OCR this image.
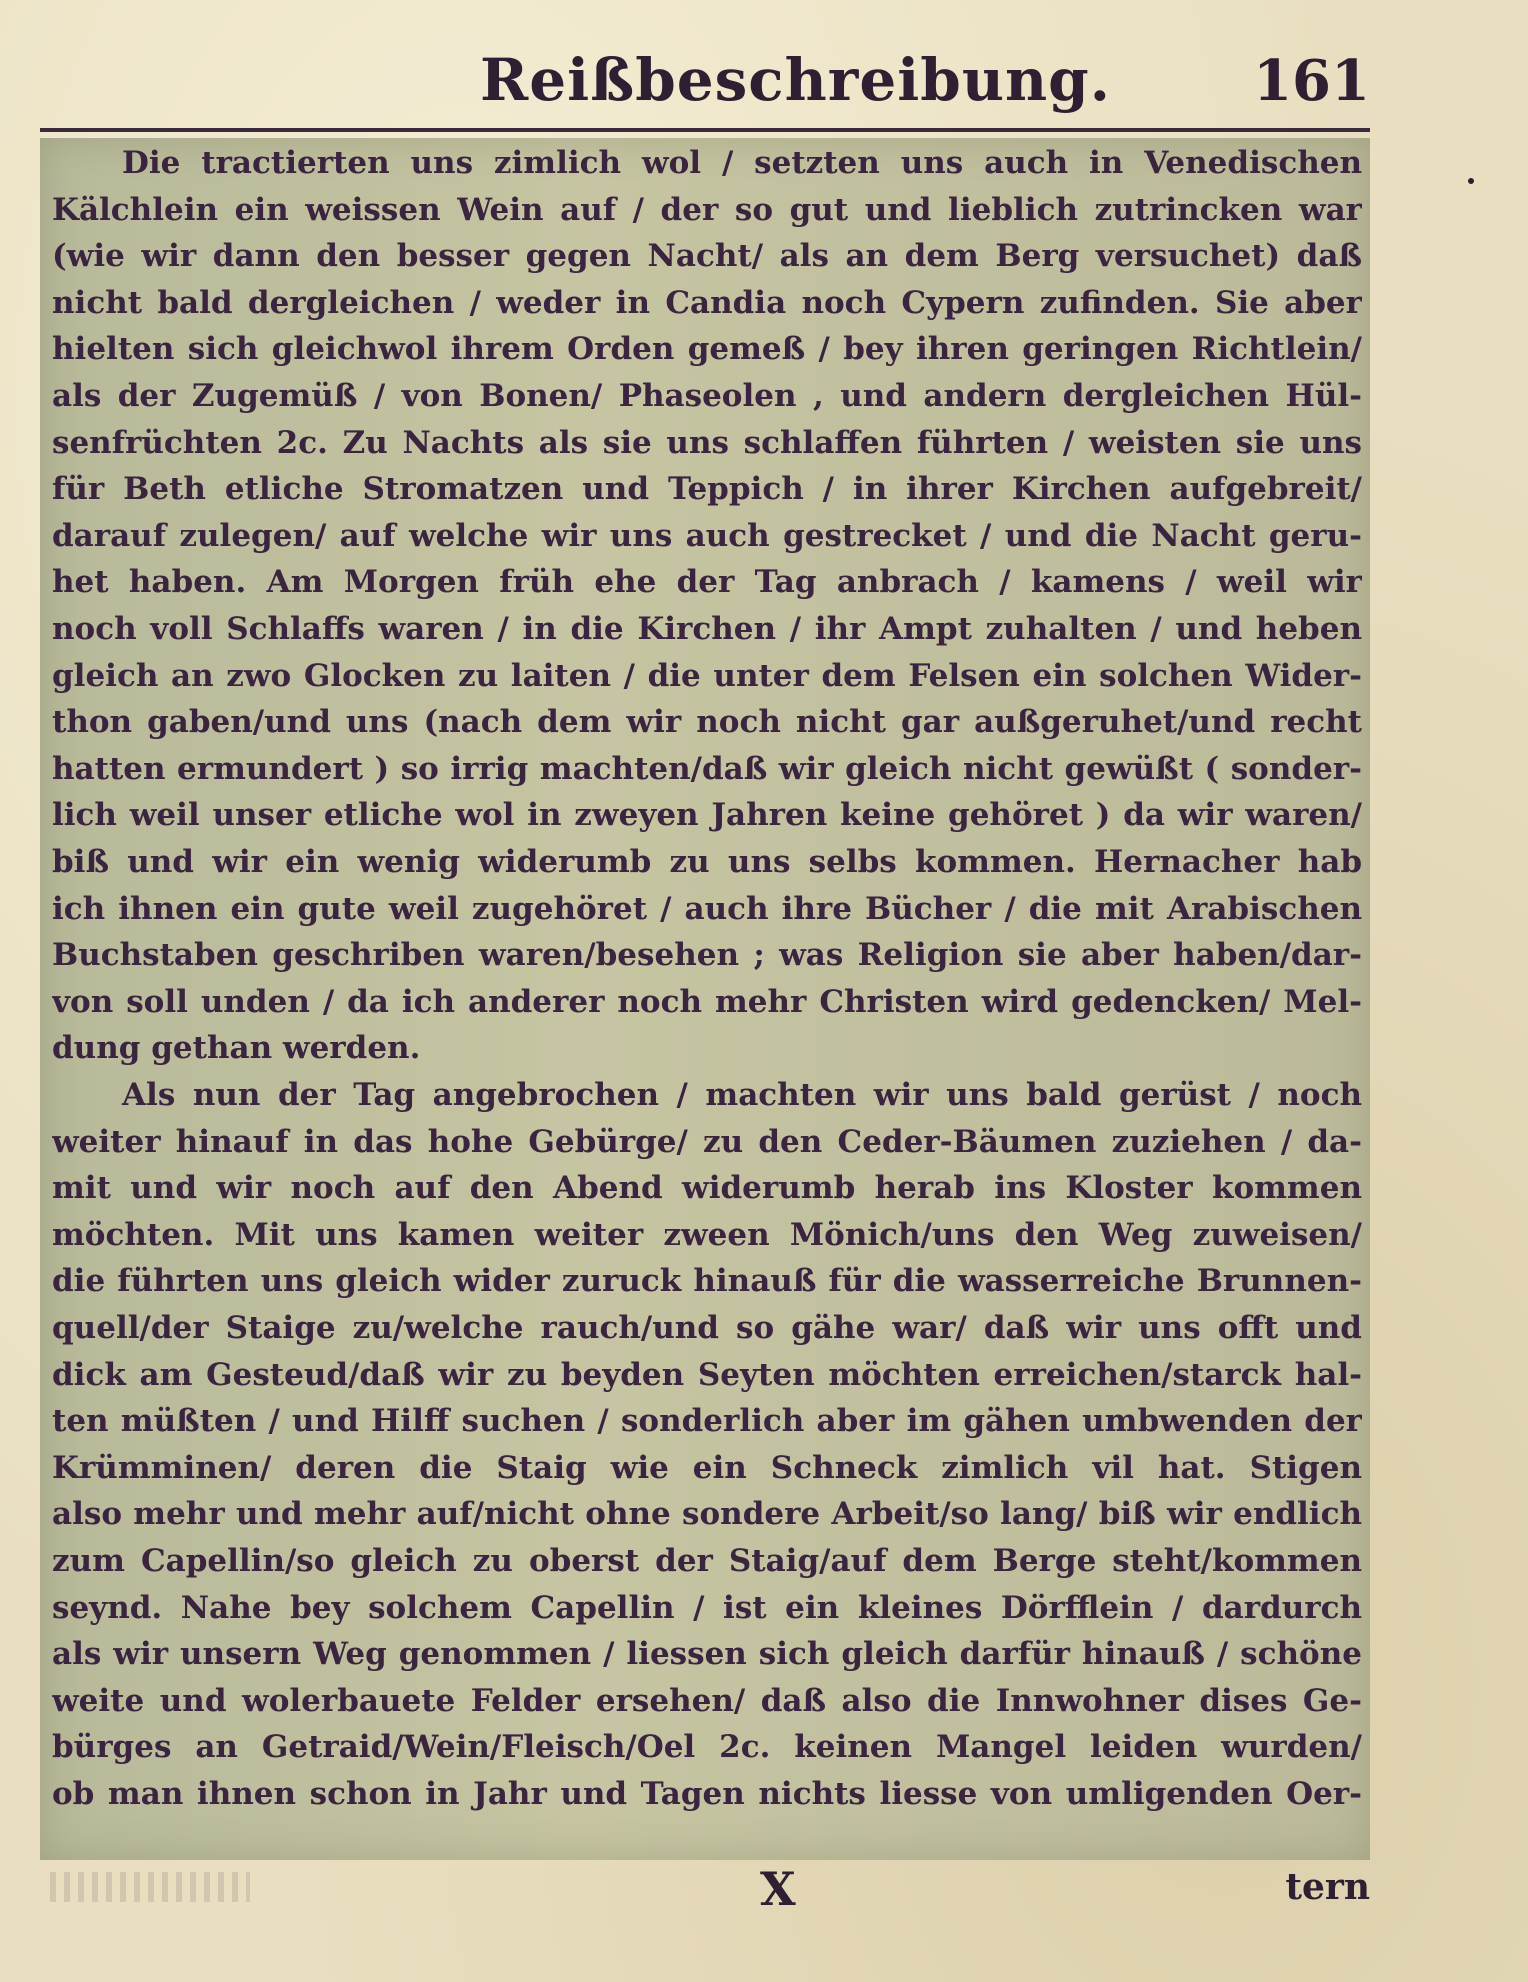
Reißbeschreibung.	161
Die tractierten uns zimlich wol / setzten uns auch in Venedischen
Kälchlein ein weissen Wein auf / der so gut und lieblich zutrincken war
(wie wir dann den besser gegen Nacht/ als an dem Berg versuchet) daß
nicht bald dergleichen / weder in Candia noch Cypern zufinden. Sie aber
hielten sich gleichwol ihrem Orden gemeß / bey ihren geringen Richtlein/
als der Zugemüß / von Bonen/ Phaseolen , und andern dergleichen Hül-
senfrüchten 2c. Zu Nachts als sie uns schlaffen führten / weisten sie uns
für Beth etliche Stromatzen und Teppich / in ihrer Kirchen aufgebreit/
darauf zulegen/ auf welche wir uns auch gestrecket / und die Nacht geru-
het haben. Am Morgen früh ehe der Tag anbrach / kamens / weil wir
noch voll Schlaffs waren / in die Kirchen / ihr Ampt zuhalten / und heben
gleich an zwo Glocken zu laiten / die unter dem Felsen ein solchen Wider-
thon gaben/und uns (nach dem wir noch nicht gar außgeruhet/und recht
hatten ermundert ) so irrig machten/daß wir gleich nicht gewüßt ( sonder-
lich weil unser etliche wol in zweyen Jahren keine gehöret ) da wir waren/
biß und wir ein wenig widerumb zu uns selbs kommen. Hernacher hab
ich ihnen ein gute weil zugehöret / auch ihre Bücher / die mit Arabischen
Buchstaben geschriben waren/besehen ; was Religion sie aber haben/dar-
von soll unden / da ich anderer noch mehr Christen wird gedencken/ Mel-
dung gethan werden.
Als nun der Tag angebrochen / machten wir uns bald gerüst / noch
weiter hinauf in das hohe Gebürge/ zu den Ceder-Bäumen zuziehen / da-
mit und wir noch auf den Abend widerumb herab ins Kloster kommen
möchten. Mit uns kamen weiter zween Mönich/uns den Weg zuweisen/
die führten uns gleich wider zuruck hinauß für die wasserreiche Brunnen-
quell/der Staige zu/welche rauch/und so gähe war/ daß wir uns offt und
dick am Gesteud/daß wir zu beyden Seyten möchten erreichen/starck hal-
ten müßten / und Hilff suchen / sonderlich aber im gähen umbwenden der
Krümminen/ deren die Staig wie ein Schneck zimlich vil hat. Stigen
also mehr und mehr auf/nicht ohne sondere Arbeit/so lang/ biß wir endlich
zum Capellin/so gleich zu oberst der Staig/auf dem Berge steht/kommen
seynd. Nahe bey solchem Capellin / ist ein kleines Dörfflein / dardurch
als wir unsern Weg genommen / liessen sich gleich darfür hinauß / schöne
weite und wolerbauete Felder ersehen/ daß also die Innwohner dises Ge-
bürges an Getraid/Wein/Fleisch/Oel 2c. keinen Mangel leiden wurden/
ob man ihnen schon in Jahr und Tagen nichts liesse von umligenden Oer-
X	tern
